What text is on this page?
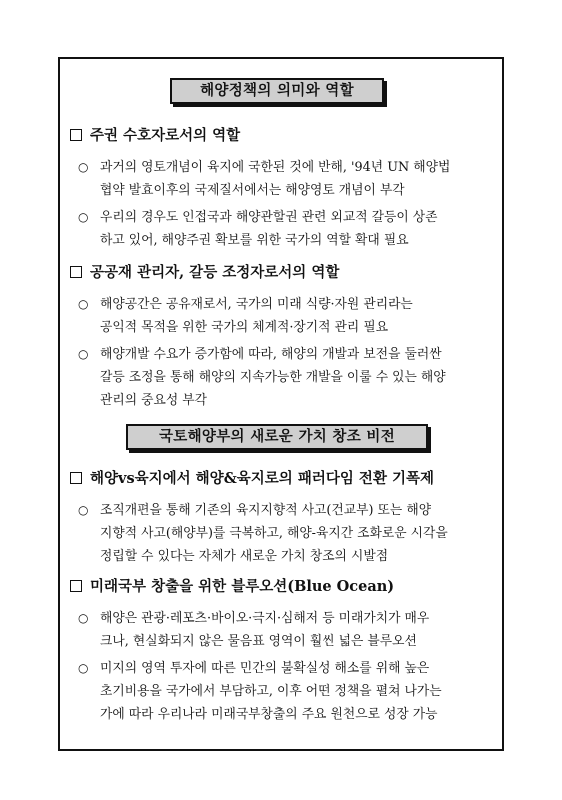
해양정책의 의미와 역할
주권 수호자로서의 역할
○ 과거의 영토개념이 육지에 국한된 것에 반해, '94년 UN 해양법
협약 발효이후의 국제질서에서는 해양영토 개념이 부각
○ 우리의 경우도 인접국과 해양관할권 관련 외교적 갈등이 상존
하고 있어, 해양주권 확보를 위한 국가의 역할 확대 필요
공공재 관리자, 갈등 조정자로서의 역할
○ 해양공간은 공유재로서, 국가의 미래 식량·자원 관리라는
공익적 목적을 위한 국가의 체계적·장기적 관리 필요
○ 해양개발 수요가 증가함에 따라, 해양의 개발과 보전을 둘러싼
갈등 조정을 통해 해양의 지속가능한 개발을 이룰 수 있는 해양
관리의 중요성 부각
국토해양부의 새로운 가치 창조 비전
해양vs육지에서 해양&육지로의 패러다임 전환 기폭제
○ 조직개편을 통해 기존의 육지지향적 사고(건교부) 또는 해양
지향적 사고(해양부)를 극복하고, 해양-육지간 조화로운 시각을
정립할 수 있다는 자체가 새로운 가치 창조의 시발점
미래국부 창출을 위한 블루오션(Blue Ocean)
○ 해양은 관광·레포츠·바이오·극지·심해저 등 미래가치가 매우
크나, 현실화되지 않은 물음표 영역이 훨씬 넓은 블루오션
○ 미지의 영역 투자에 따른 민간의 불확실성 해소를 위해 높은
초기비용을 국가에서 부담하고, 이후 어떤 정책을 펼쳐 나가는
가에 따라 우리나라 미래국부창출의 주요 원천으로 성장 가능
